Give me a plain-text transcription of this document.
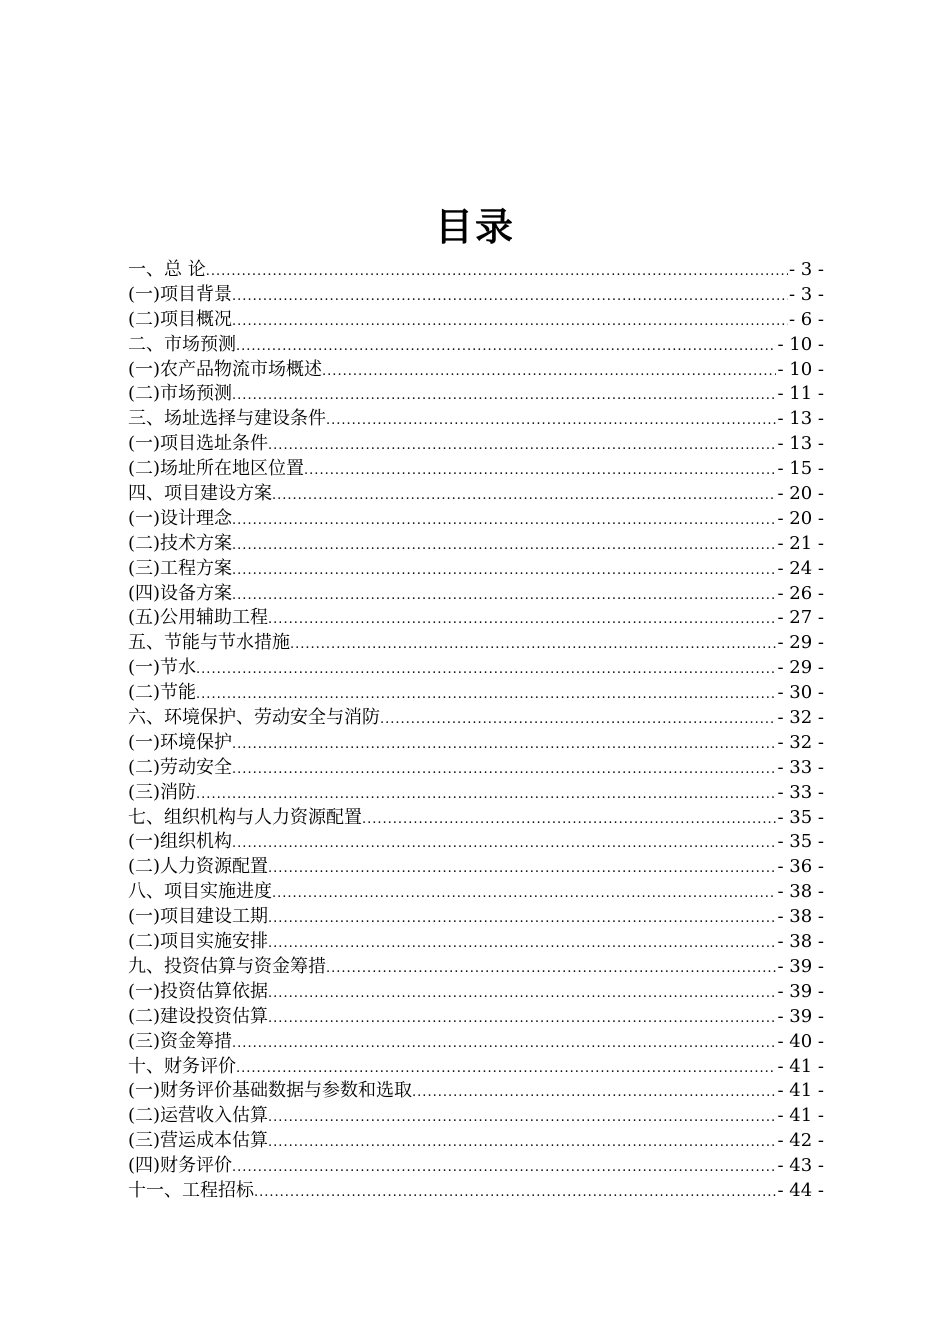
目录
一、总 论 .....	- 3 -
(一)项目背景 .....	- 3 -
(二)项目概况 .....	- 6 -
二、市场预测 .....	- 10 -
(一)农产品物流市场概述 .....	- 10 -
(二)市场预测 .....	- 11 -
三、场址选择与建设条件 .....	- 13 -
(一)项目选址条件 .....	- 13 -
(二)场址所在地区位置 .....	- 15 -
四、项目建设方案 .....	- 20 -
(一)设计理念 .....	- 20 -
(二)技术方案 .....	- 21 -
(三)工程方案 .....	- 24 -
(四)设备方案 .....	- 26 -
(五)公用辅助工程 .....	- 27 -
五、节能与节水措施 .....	- 29 -
(一)节水 .....	- 29 -
(二)节能 .....	- 30 -
六、环境保护、劳动安全与消防 .....	- 32 -
(一)环境保护 .....	- 32 -
(二)劳动安全 .....	- 33 -
(三)消防 .....	- 33 -
七、组织机构与人力资源配置 .....	- 35 -
(一)组织机构 .....	- 35 -
(二)人力资源配置 .....	- 36 -
八、项目实施进度 .....	- 38 -
(一)项目建设工期 .....	- 38 -
(二)项目实施安排 .....	- 38 -
九、投资估算与资金筹措 .....	- 39 -
(一)投资估算依据 .....	- 39 -
(二)建设投资估算 .....	- 39 -
(三)资金筹措 .....	- 40 -
十、财务评价 .....	- 41 -
(一)财务评价基础数据与参数和选取 .....	- 41 -
(二)运营收入估算 .....	- 41 -
(三)营运成本估算 .....	- 42 -
(四)财务评价 .....	- 43 -
十一、工程招标 .....	- 44 -
